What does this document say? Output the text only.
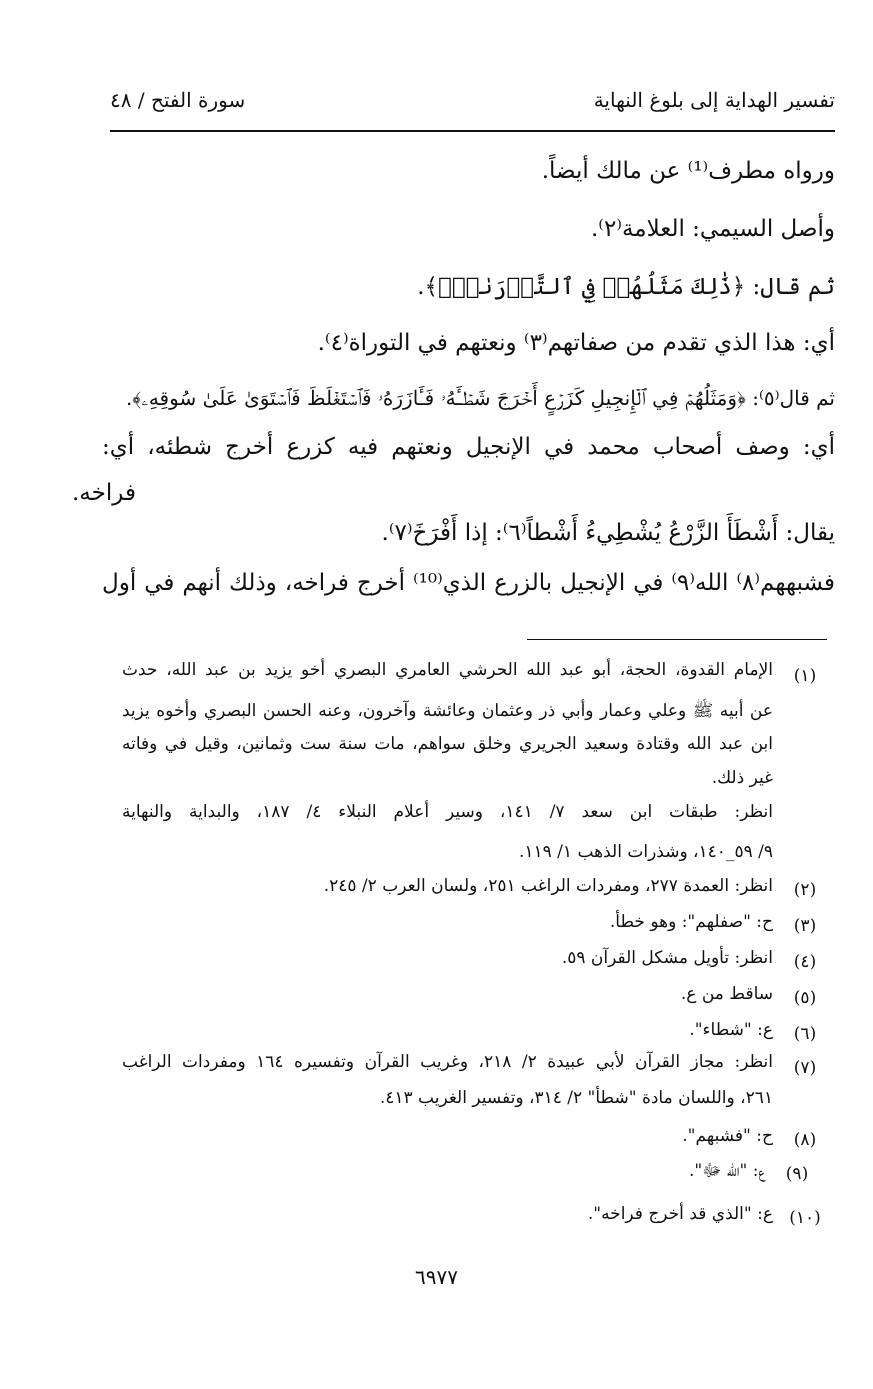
تفسير الهداية إلى بلوغ النهاية
سورة الفتح / ٤٨
ورواه مطرف⁽¹⁾ عن مالك أيضاً.
وأصل السيمي: العلامة⁽٢⁾.
ثم قال: ﴿ذَٰلِكَ مَثَلُهُمۡ فِي ٱلتَّوۡرَىٰةِۚ﴾.
أي: هذا الذي تقدم من صفاتهم⁽٣⁾ ونعتهم في التوراة⁽٤⁾.
ثم قال⁽٥⁾: ﴿وَمَثَلُهُمۡ فِي ٱلۡإِنجِيلِ كَزَرۡعٍ أَخۡرَجَ شَطۡـَٔهُۥ فَـَٔازَرَهُۥ فَٱسۡتَغۡلَظَ فَٱسۡتَوَىٰ عَلَىٰ سُوقِهِۦ﴾.
أي: وصف أصحاب محمد في الإنجيل ونعتهم فيه كزرع أخرج شطئه، أي:
فراخه.
يقال: أَشْطَأَ الزَّرْعُ يُشْطِيءُ أَشْطاً⁽٦⁾: إذا أَفْرَخَ⁽٧⁾.
فشبههم⁽٨⁾ الله⁽٩⁾ في الإنجيل بالزرع الذي⁽¹⁰⁾ أخرج فراخه، وذلك أنهم في أول
(١)
الإمام القدوة، الحجة، أبو عبد الله الحرشي العامري البصري أخو يزيد بن عبد الله، حدث
عن أبيه ﷺ وعلي وعمار وأبي ذر وعثمان وعائشة وآخرون، وعنه الحسن البصري وأخوه يزيد
ابن عبد الله وقتادة وسعيد الجريري وخلق سواهم، مات سنة ست وثمانين، وقيل في وفاته
غير ذلك.
انظر: طبقات ابن سعد ٧/ ١٤١، وسير أعلام النبلاء ٤/ ١٨٧، والبداية والنهاية
٩/ ٥٩_١٤٠، وشذرات الذهب ١/ ١١٩.
(٢)
انظر: العمدة ٢٧٧، ومفردات الراغب ٢٥١، ولسان العرب ٢/ ٢٤٥.
(٣)
ح: "صفلهم": وهو خطأ.
(٤)
انظر: تأويل مشكل القرآن ٥٩.
(٥)
ساقط من ع.
(٦)
ع: "شطاء".
(٧)
انظر: مجاز القرآن لأبي عبيدة ٢/ ٢١٨، وغريب القرآن وتفسيره ١٦٤ ومفردات الراغب
٢٦١، واللسان مادة "شطأ" ٢/ ٣١٤، وتفسير الغريب ٤١٣.
(٨)
ح: "فشبهم".
(٩)
ع: "الله ﷻ".
(١٠)
ع: "الذي قد أخرج فراخه".
٦٩٧٧
